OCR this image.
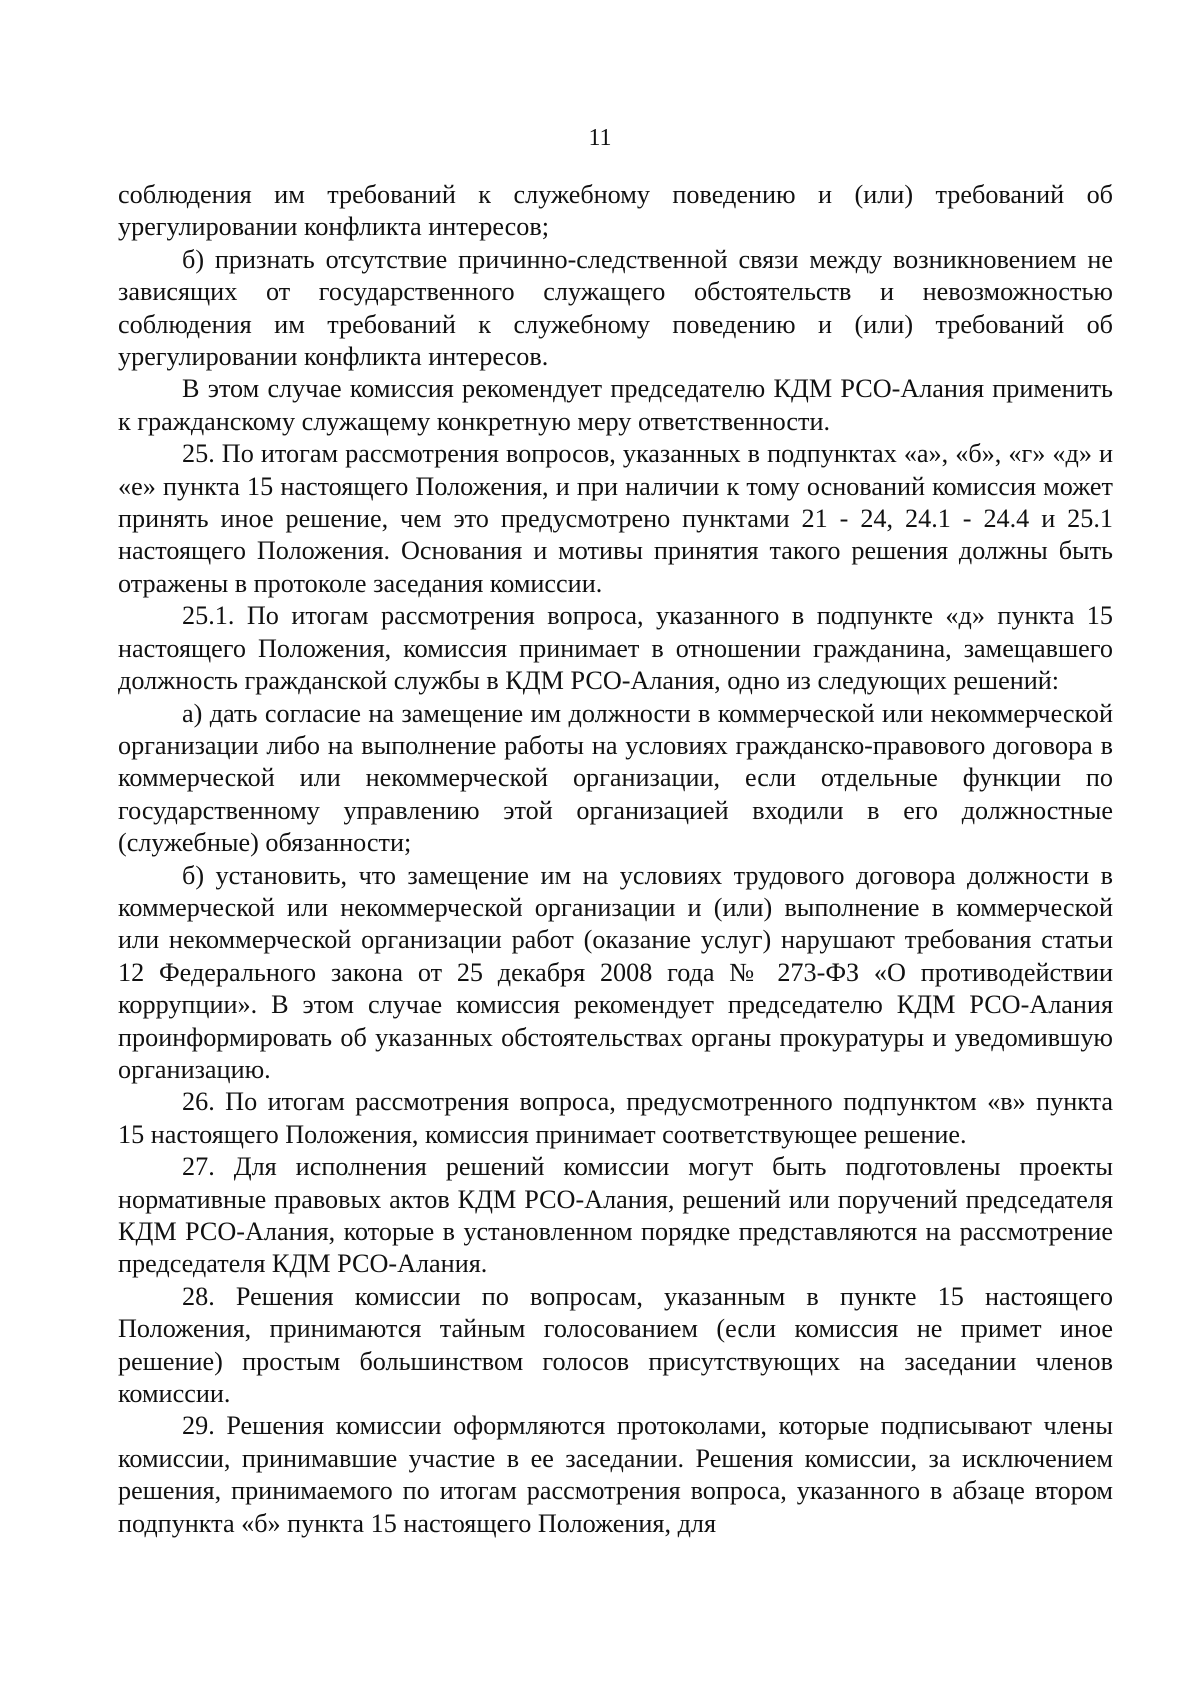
11

соблюдения им требований к служебному поведению и (или) требований об урегулировании конфликта интересов;

б) признать отсутствие причинно-следственной связи между возникновением не зависящих от государственного служащего обстоятельств и невозможностью соблюдения им требований к служебному поведению и (или) требований об урегулировании конфликта интересов.

В этом случае комиссия рекомендует председателю КДМ РСО-Алания применить к гражданскому служащему конкретную меру ответственности.

25. По итогам рассмотрения вопросов, указанных в подпунктах «а», «б», «г» «д» и «е» пункта 15 настоящего Положения, и при наличии к тому оснований комиссия может принять иное решение, чем это предусмотрено пунктами 21 - 24, 24.1 - 24.4 и 25.1 настоящего Положения. Основания и мотивы принятия такого решения должны быть отражены в протоколе заседания комиссии.

25.1. По итогам рассмотрения вопроса, указанного в подпункте «д» пункта 15 настоящего Положения, комиссия принимает в отношении гражданина, замещавшего должность гражданской службы в КДМ РСО-Алания, одно из следующих решений:

а) дать согласие на замещение им должности в коммерческой или некоммерческой организации либо на выполнение работы на условиях гражданско-правового договора в коммерческой или некоммерческой организации, если отдельные функции по государственному управлению этой организацией входили в его должностные (служебные) обязанности;

б) установить, что замещение им на условиях трудового договора должности в коммерческой или некоммерческой организации и (или) выполнение в коммерческой или некоммерческой организации работ (оказание услуг) нарушают требования статьи 12 Федерального закона от 25 декабря 2008 года № 273-ФЗ «О противодействии коррупции». В этом случае комиссия рекомендует председателю КДМ РСО-Алания проинформировать об указанных обстоятельствах органы прокуратуры и уведомившую организацию.

26. По итогам рассмотрения вопроса, предусмотренного подпунктом «в» пункта 15 настоящего Положения, комиссия принимает соответствующее решение.

27. Для исполнения решений комиссии могут быть подготовлены проекты нормативные правовых актов КДМ РСО-Алания, решений или поручений председателя КДМ РСО-Алания, которые в установленном порядке представляются на рассмотрение председателя КДМ РСО-Алания.

28. Решения комиссии по вопросам, указанным в пункте 15 настоящего Положения, принимаются тайным голосованием (если комиссия не примет иное решение) простым большинством голосов присутствующих на заседании членов комиссии.

29. Решения комиссии оформляются протоколами, которые подписывают члены комиссии, принимавшие участие в ее заседании. Решения комиссии, за исключением решения, принимаемого по итогам рассмотрения вопроса, указанного в абзаце втором подпункта «б» пункта 15 настоящего Положения, для
